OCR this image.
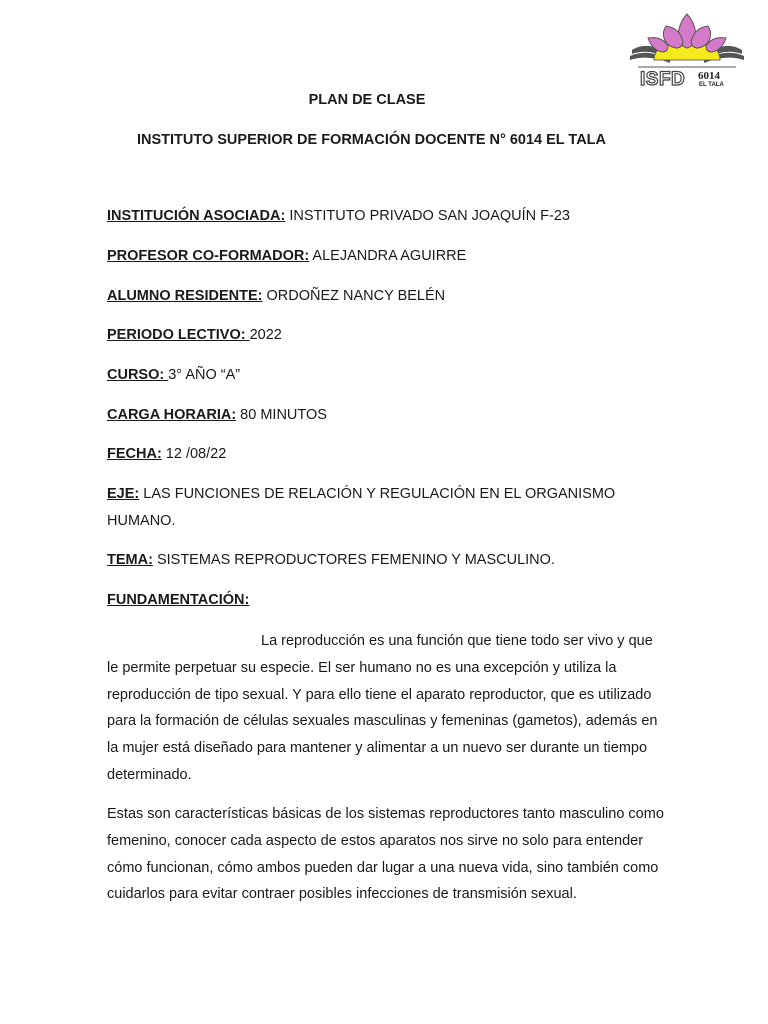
ISFD 6014
EL TALA
PLAN DE CLASE
INSTITUTO SUPERIOR DE FORMACIÓN DOCENTE N° 6014 EL TALA
INSTITUCIÓN ASOCIADA: INSTITUTO PRIVADO SAN JOAQUÍN F-23
PROFESOR CO-FORMADOR: ALEJANDRA AGUIRRE
ALUMNO RESIDENTE: ORDOÑEZ NANCY BELÉN
PERIODO LECTIVO: 2022
CURSO: 3° AÑO “A”
CARGA HORARIA: 80 MINUTOS
FECHA: 12 /08/22
EJE: LAS FUNCIONES DE RELACIÓN Y REGULACIÓN EN EL ORGANISMO HUMANO.
TEMA: SISTEMAS REPRODUCTORES FEMENINO Y MASCULINO.
FUNDAMENTACIÓN:
La reproducción es una función que tiene todo ser vivo y que le permite perpetuar su especie. El ser humano no es una excepción y utiliza la reproducción de tipo sexual. Y para ello tiene el aparato reproductor, que es utilizado para la formación de células sexuales masculinas y femeninas (gametos), además en la mujer está diseñado para mantener y alimentar a un nuevo ser durante un tiempo determinado.
Estas son características básicas de los sistemas reproductores tanto masculino como femenino, conocer cada aspecto de estos aparatos nos sirve no solo para entender cómo funcionan, cómo ambos pueden dar lugar a una nueva vida, sino también como cuidarlos para evitar contraer posibles infecciones de transmisión sexual.
